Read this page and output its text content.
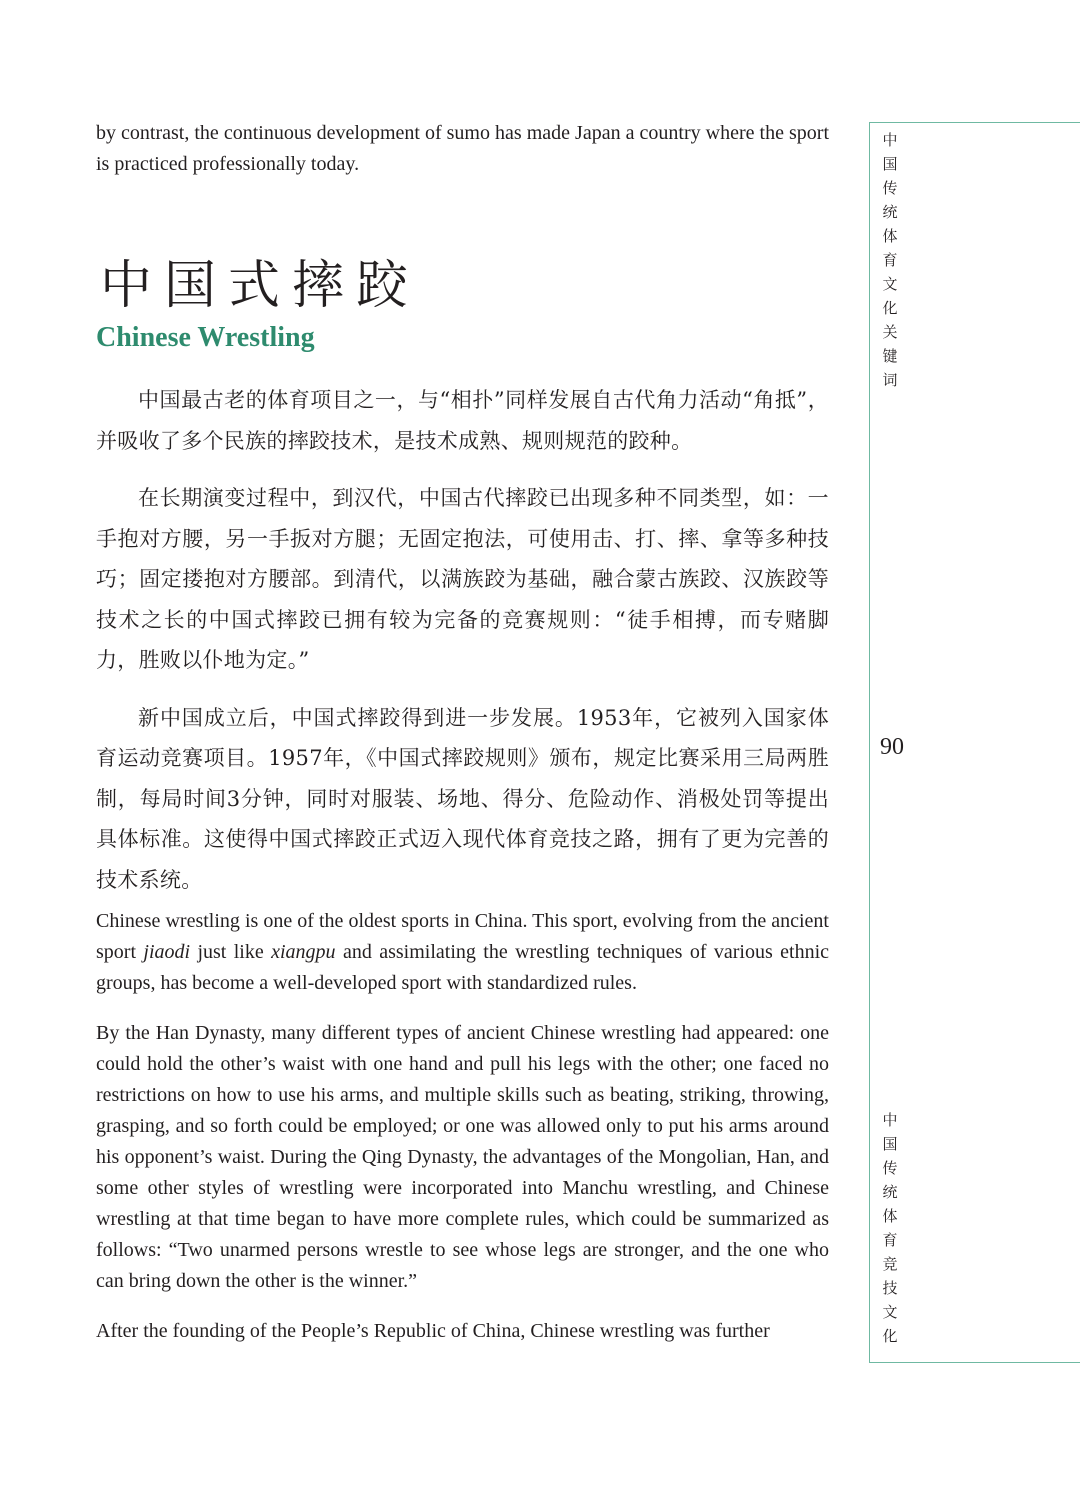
by contrast, the continuous development of sumo has made Japan a country where the sport is practiced professionally today.

中国式摔跤
Chinese Wrestling

中国最古老的体育项目之一，与“相扑”同样发展自古代角力活动“角抵”，并吸收了多个民族的摔跤技术，是技术成熟、规则规范的跤种。

在长期演变过程中，到汉代，中国古代摔跤已出现多种不同类型，如：一手抱对方腰，另一手扳对方腿；无固定抱法，可使用击、打、摔、拿等多种技巧；固定搂抱对方腰部。到清代，以满族跤为基础，融合蒙古族跤、汉族跤等技术之长的中国式摔跤已拥有较为完备的竞赛规则：“徒手相搏，而专赌脚力，胜败以仆地为定。”

新中国成立后，中国式摔跤得到进一步发展。1953年，它被列入国家体育运动竞赛项目。1957年，《中国式摔跤规则》颁布，规定比赛采用三局两胜制，每局时间3分钟，同时对服装、场地、得分、危险动作、消极处罚等提出具体标准。这使得中国式摔跤正式迈入现代体育竞技之路，拥有了更为完善的技术系统。

Chinese wrestling is one of the oldest sports in China. This sport, evolving from the ancient sport jiaodi just like xiangpu and assimilating the wrestling techniques of various ethnic groups, has become a well-developed sport with standardized rules.

By the Han Dynasty, many different types of ancient Chinese wrestling had appeared: one could hold the other’s waist with one hand and pull his legs with the other; one faced no restrictions on how to use his arms, and multiple skills such as beating, striking, throwing, grasping, and so forth could be employed; or one was allowed only to put his arms around his opponent’s waist. During the Qing Dynasty, the advantages of the Mongolian, Han, and some other styles of wrestling were incorporated into Manchu wrestling, and Chinese wrestling at that time began to have more complete rules, which could be summarized as follows: “Two unarmed persons wrestle to see whose legs are stronger, and the one who can bring down the other is the winner.”

After the founding of the People’s Republic of China, Chinese wrestling was further

中国传统体育文化关键词
90
中国传统体育竞技文化
